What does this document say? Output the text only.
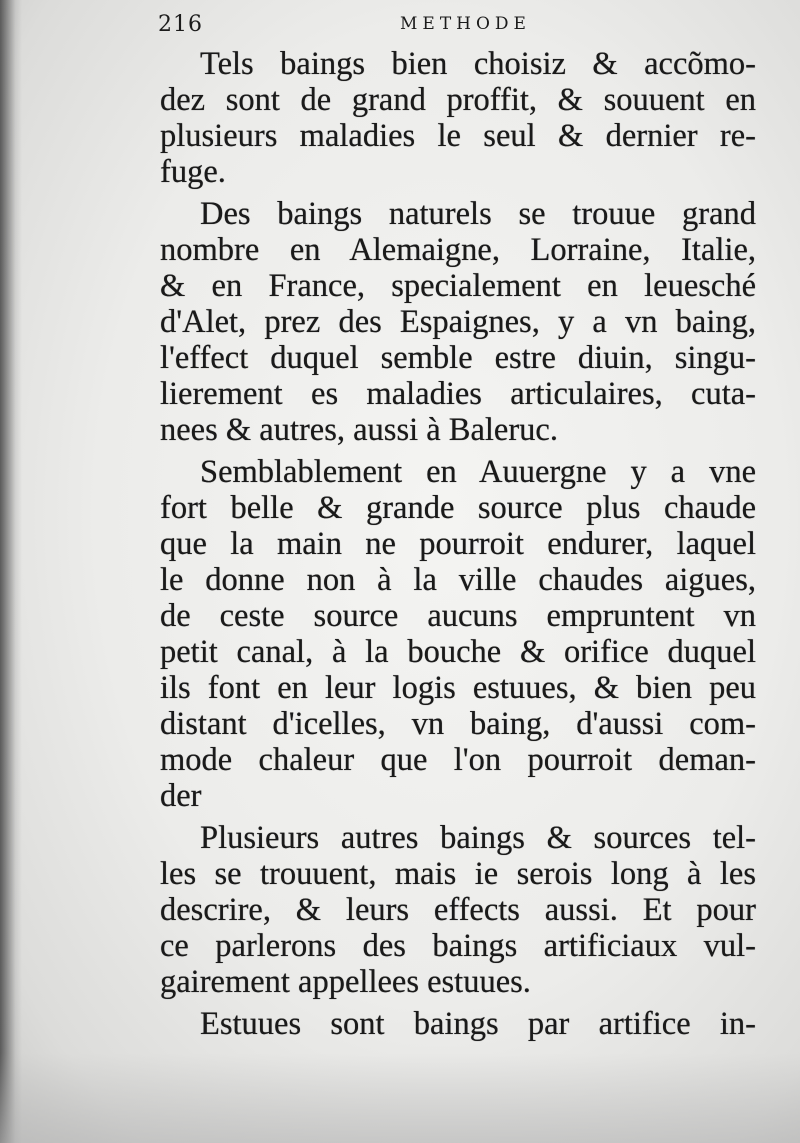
216	METHODE
Tels baings bien choisiz & accõmo-
dez sont de grand proffit, & souuent en
plusieurs maladies le seul & dernier re-
fuge.
Des baings naturels se trouue grand
nombre en Alemaigne, Lorraine, Italie,
& en France, specialement en leuesché
d'Alet, prez des Espaignes, y a vn baing,
l'effect duquel semble estre diuin, singu-
lierement es maladies articulaires, cuta-
nees & autres, aussi à Baleruc.
Semblablement en Auuergne y a vne
fort belle & grande source plus chaude
que la main ne pourroit endurer, laquel
le donne non à la ville chaudes aigues,
de ceste source aucuns empruntent vn
petit canal, à la bouche & orifice duquel
ils font en leur logis estuues, & bien peu
distant d'icelles, vn baing, d'aussi com-
mode chaleur que l'on pourroit deman-
der
Plusieurs autres baings & sources tel-
les se trouuent, mais ie serois long à les
descrire, & leurs effects aussi. Et pour
ce parlerons des baings artificiaux vul-
gairement appellees estuues.
Estuues sont baings par artifice in-
